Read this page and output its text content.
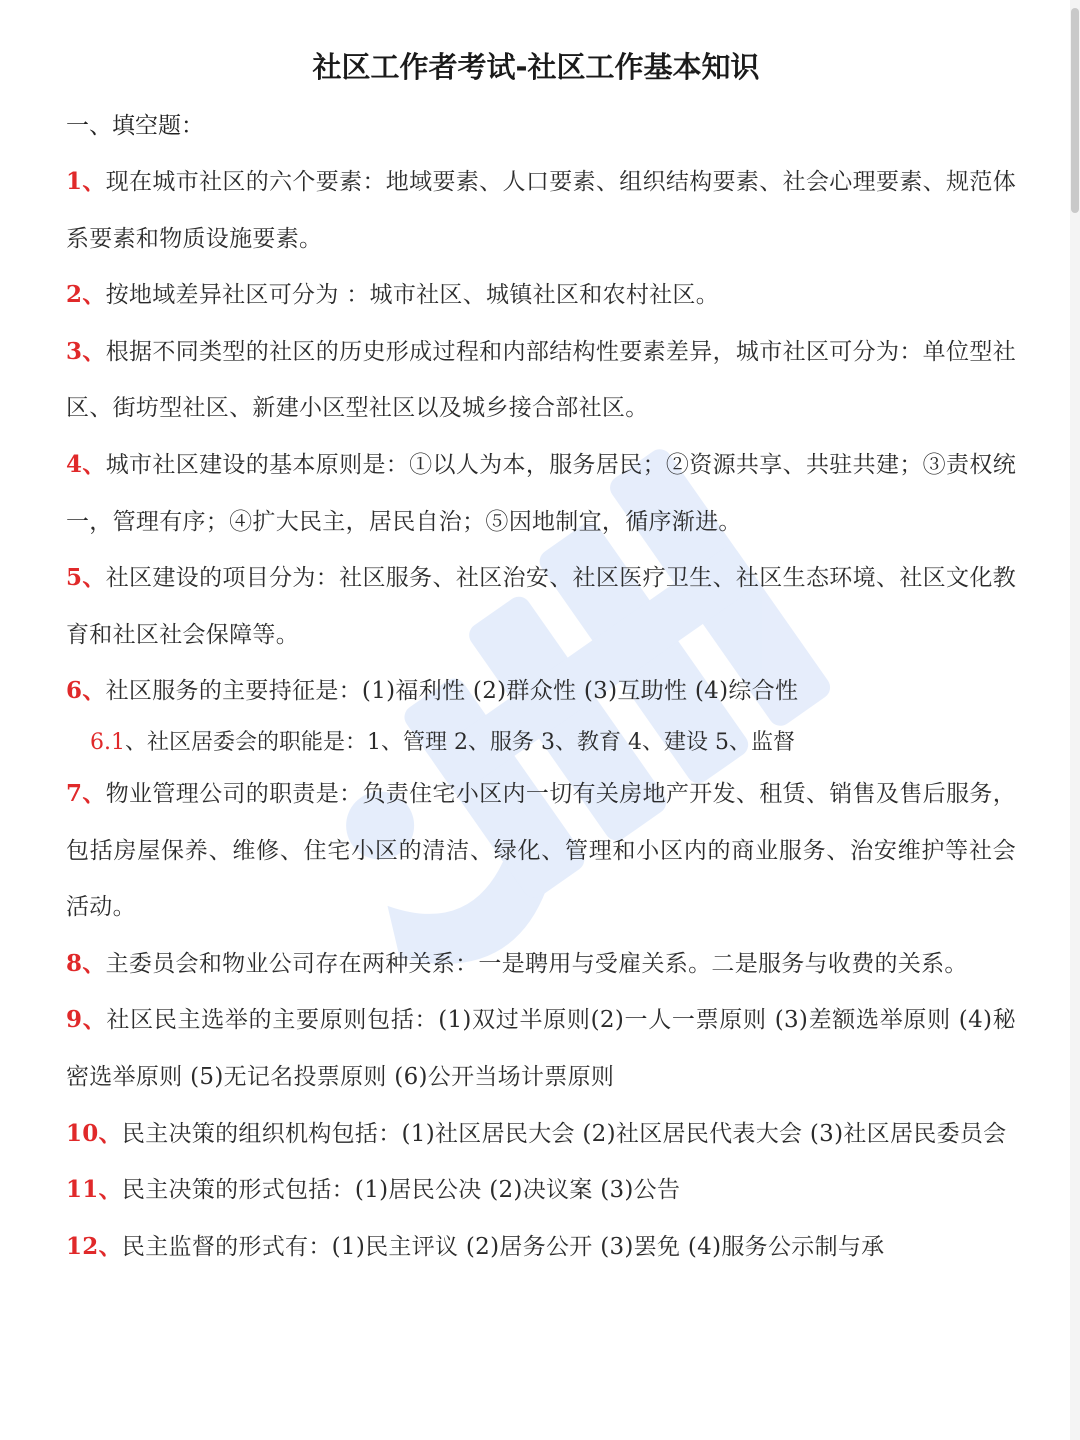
社区工作者考试-社区工作基本知识
一、填空题：
1、现在城市社区的六个要素：地域要素、人口要素、组织结构要素、社会心理要素、规范体系要素和物质设施要素。
2、按地域差异社区可分为 ：城市社区、城镇社区和农村社区。
3、根据不同类型的社区的历史形成过程和内部结构性要素差异，城市社区可分为：单位型社区、街坊型社区、新建小区型社区以及城乡接合部社区。
4、城市社区建设的基本原则是：①以人为本，服务居民；②资源共享、共驻共建；③责权统一，管理有序；④扩大民主，居民自治；⑤因地制宜，循序渐进。
5、社区建设的项目分为：社区服务、社区治安、社区医疗卫生、社区生态环境、社区文化教育和社区社会保障等。
6、社区服务的主要持征是：(1)福利性 (2)群众性 (3)互助性 (4)综合性
6.1、社区居委会的职能是：1、管理 2、服务 3、教育 4、建设 5、监督
7、物业管理公司的职责是：负责住宅小区内一切有关房地产开发、租赁、销售及售后服务，包括房屋保养、维修、住宅小区的清洁、绿化、管理和小区内的商业服务、治安维护等社会活动。
8、主委员会和物业公司存在两种关系：一是聘用与受雇关系。二是服务与收费的关系。
9、社区民主选举的主要原则包括：(1)双过半原则(2)一人一票原则 (3)差额选举原则 (4)秘密选举原则 (5)无记名投票原则 (6)公开当场计票原则
10、民主决策的组织机构包括：(1)社区居民大会 (2)社区居民代表大会 (3)社区居民委员会
11、民主决策的形式包括：(1)居民公决 (2)决议案 (3)公告
12、民主监督的形式有：(1)民主评议 (2)居务公开 (3)罢免 (4)服务公示制与承
